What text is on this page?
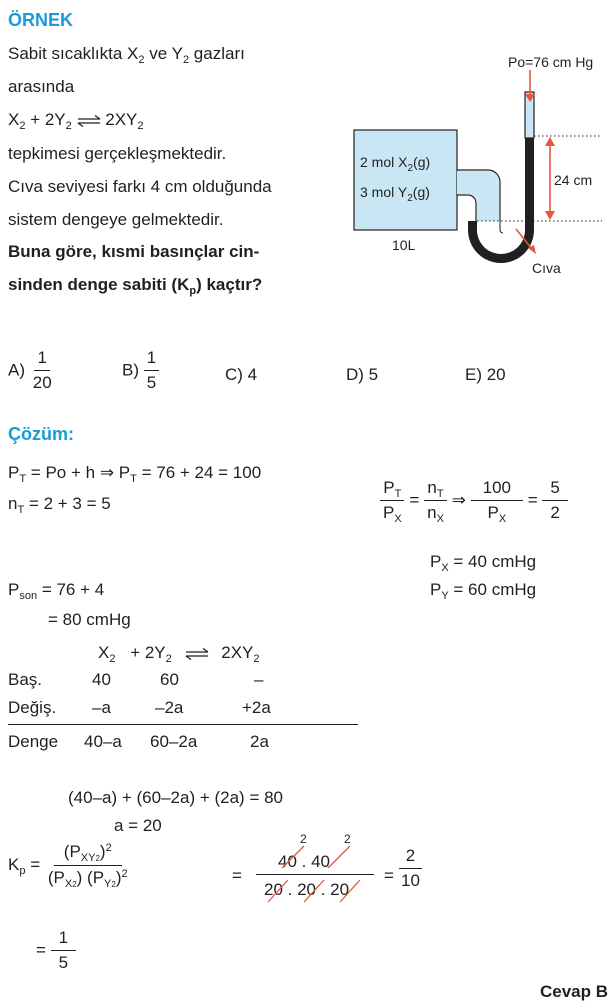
ÖRNEK
Sabit sıcaklıkta $X_2$ ve $Y_2$ gazları
arasında
$X_2 + 2Y_2$ ⇌ $2XY_2$
tepkimesi gerçekleşmektedir.
Cıva seviyesi farkı 4 cm olduğunda
sistem dengeye gelmektedir.
Buna göre, kısmi basınçlar cin-
sinden denge sabiti $(K_p)$ kaçtır?
Po=76 cm Hg
24 cm
Cıva
2 mol $X_2(g)$
3 mol $Y_2(g)$
10L
$A) \frac{1}{20}$	$B) \frac{1}{5}$	C) 4	D) 5	E) 20
Çözüm:
$P_T = Po + h$ ⇒ $P_T = 76 + 24 = 100$
$n_T = 2 + 3 = 5$	$\frac{P_T}{P_X} = \frac{n_T}{n_X}$ ⇒ $\frac{100}{P_X} = \frac{5}{2}$
$P_X = 40$ cmHg
$P_Y = 60$ cmHg
$P_{son} = 76 + 4$
= 80 cmHg
$X_2 + 2Y_2$ ⇌ $2XY_2$
Baş.	40	60	–
Değiş. –a	–2a	+2a
Denge 40–a 60–2a	2a
(40–a) + (60–2a) + (2a) = 80
a = 20
$K_p = \frac{(P_{XY2})^2}{(P_{X2}) (P_{Y2})^2}$	=
2	2
40 . 40
20 . 20 . 20
= $\frac{2}{10}$
= $\frac{1}{5}$
Cevap B
